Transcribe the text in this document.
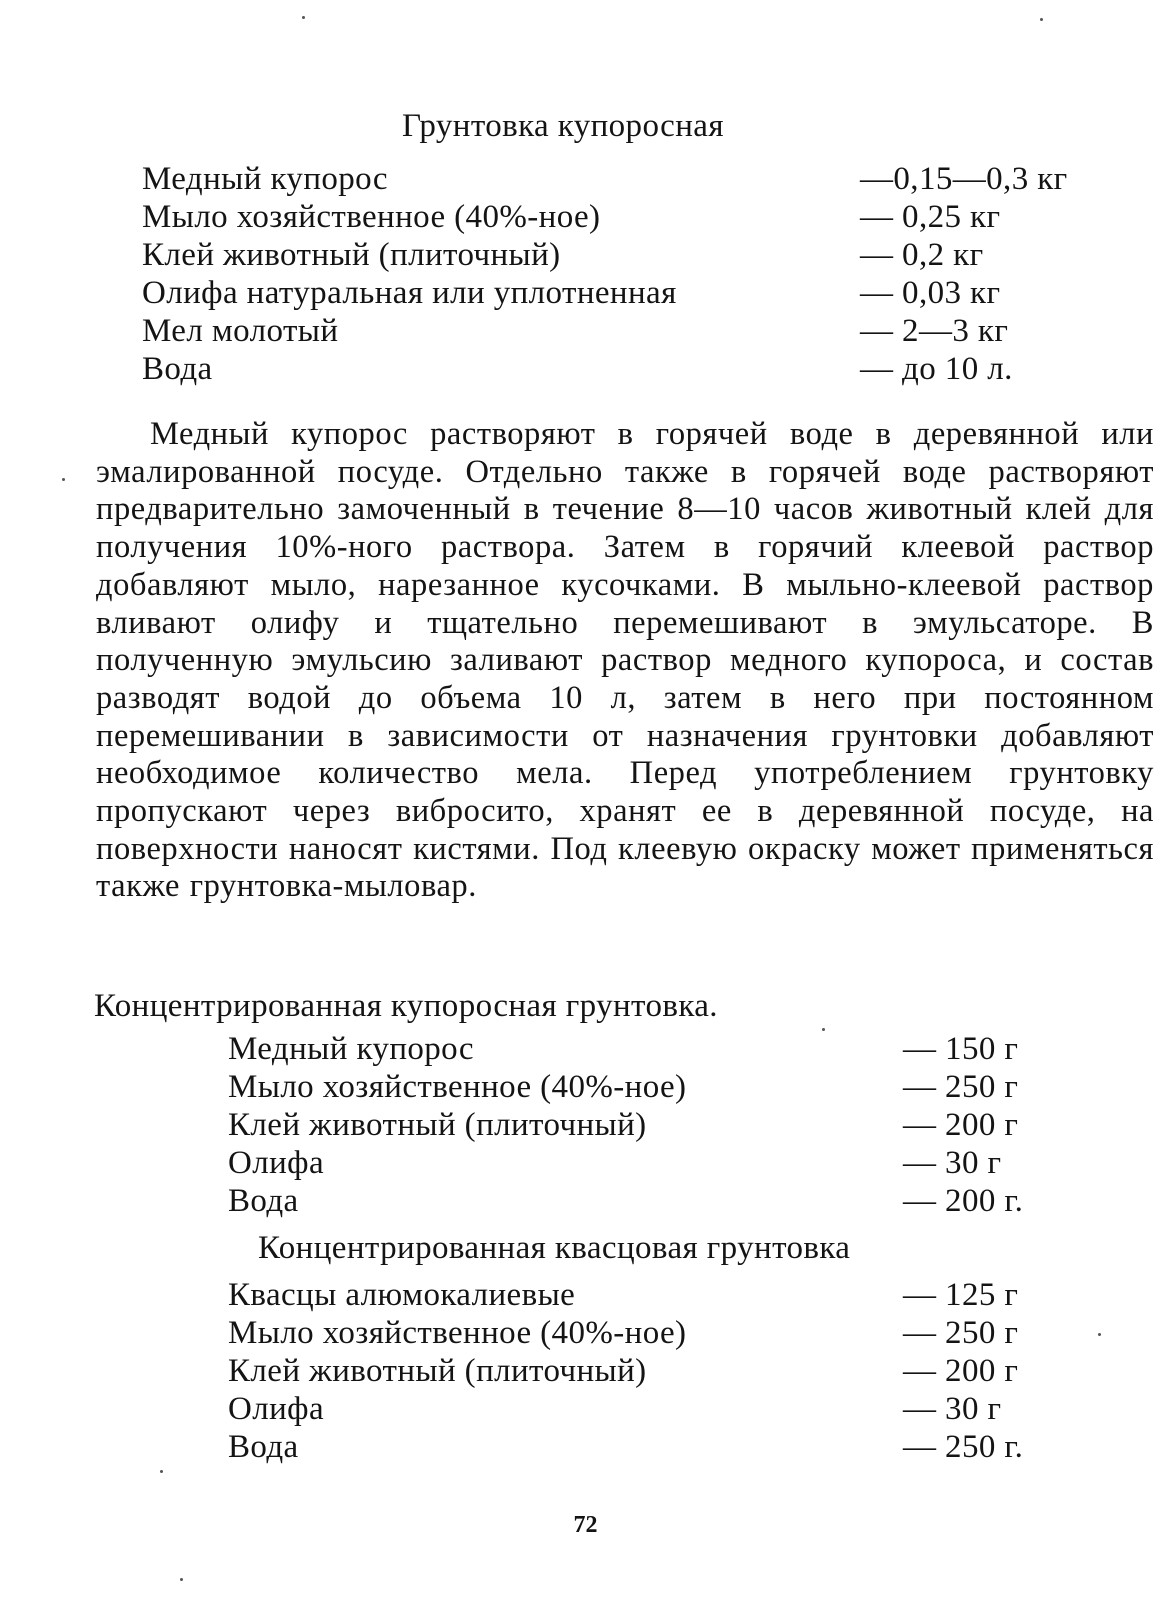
Грунтовка купоросная
Медный купорос	—0,15—0,3 кг
Мыло хозяйственное (40%-ное)	— 0,25 кг
Клей животный (плиточный)	— 0,2 кг
Олифа натуральная или уплотненная	— 0,03 кг
Мел молотый	— 2—3 кг
Вода	— до 10 л.

Медный купорос растворяют в горячей воде в деревянной или эмалированной посуде. Отдельно также в горячей воде растворяют предварительно замоченный в течение 8—10 часов животный клей для получения 10%-ного раствора. Затем в горячий клеевой раствор добавляют мыло, нарезанное кусочками. В мыльно-клеевой раствор вливают олифу и тщательно перемешивают в эмульсаторе. В полученную эмульсию заливают раствор медного купороса, и состав разводят водой до объема 10 л, затем в него при постоянном перемешивании в зависимости от назначения грунтовки добавляют необходимое количество мела. Перед употреблением грунтовку пропускают через вибросито, хранят ее в деревянной посуде, на поверхности наносят кистями. Под клеевую окраску может применяться также грунтовка-мыловар.

Концентрированная купоросная грунтовка.
Медный купорос	— 150 г
Мыло хозяйственное (40%-ное)	— 250 г
Клей животный (плиточный)	— 200 г
Олифа	— 30 г
Вода	— 200 г.
Концентрированная квасцовая грунтовка
Квасцы алюмокалиевые	— 125 г
Мыло хозяйственное (40%-ное)	— 250 г
Клей животный (плиточный)	— 200 г
Олифа	— 30 г
Вода	— 250 г.
72
